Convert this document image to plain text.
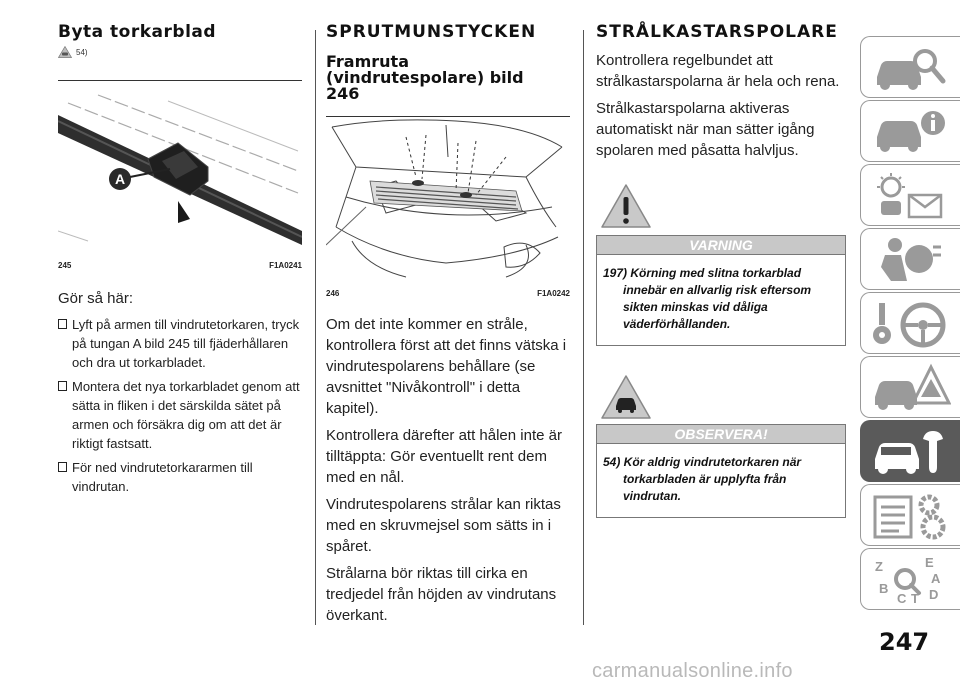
Byta torkarblad
54)
A
245	F1A0241

Gör så här:

Lyft på armen till vindrutetorkaren, tryck på tungan A bild 245 till fjäderhållaren och dra ut torkarbladet.
Montera det nya torkarbladet genom att sätta in fliken i det särskilda sätet på armen och försäkra dig om att det är riktigt fastsatt.
För ned vindrutetorkararmen till vindrutan.
SPRUTMUNSTYCKEN
Framruta
(vindrutespolare) bild
246
246	F1A0242

Om det inte kommer en stråle, kontrollera först att det finns vätska i vindrutespolarens behållare (se avsnittet "Nivåkontroll" i detta kapitel).

Kontrollera därefter att hålen inte är tilltäppta: Gör eventuellt rent dem med en nål.

Vindrutespolarens strålar kan riktas med en skruvmejsel som sätts in i spåret.

Strålarna bör riktas till cirka en tredjedel från höjden av vindrutans överkant.

STRÅLKASTARSPOLARE

Kontrollera regelbundet att strålkastarspolarna är hela och rena.

Strålkastarspolarna aktiveras automatiskt när man sätter igång spolaren med påsatta halvljus.

VARNING
197) Körning med slitna torkarblad innebär en allvarlig risk eftersom sikten minskas vid dåliga väderförhållanden.
OBSERVERA!
54) Kör aldrig vindrutetorkaren när torkarbladen är upplyfta från vindrutan.
Z	E
A
B
C T D
247
carmanualsonline.info
